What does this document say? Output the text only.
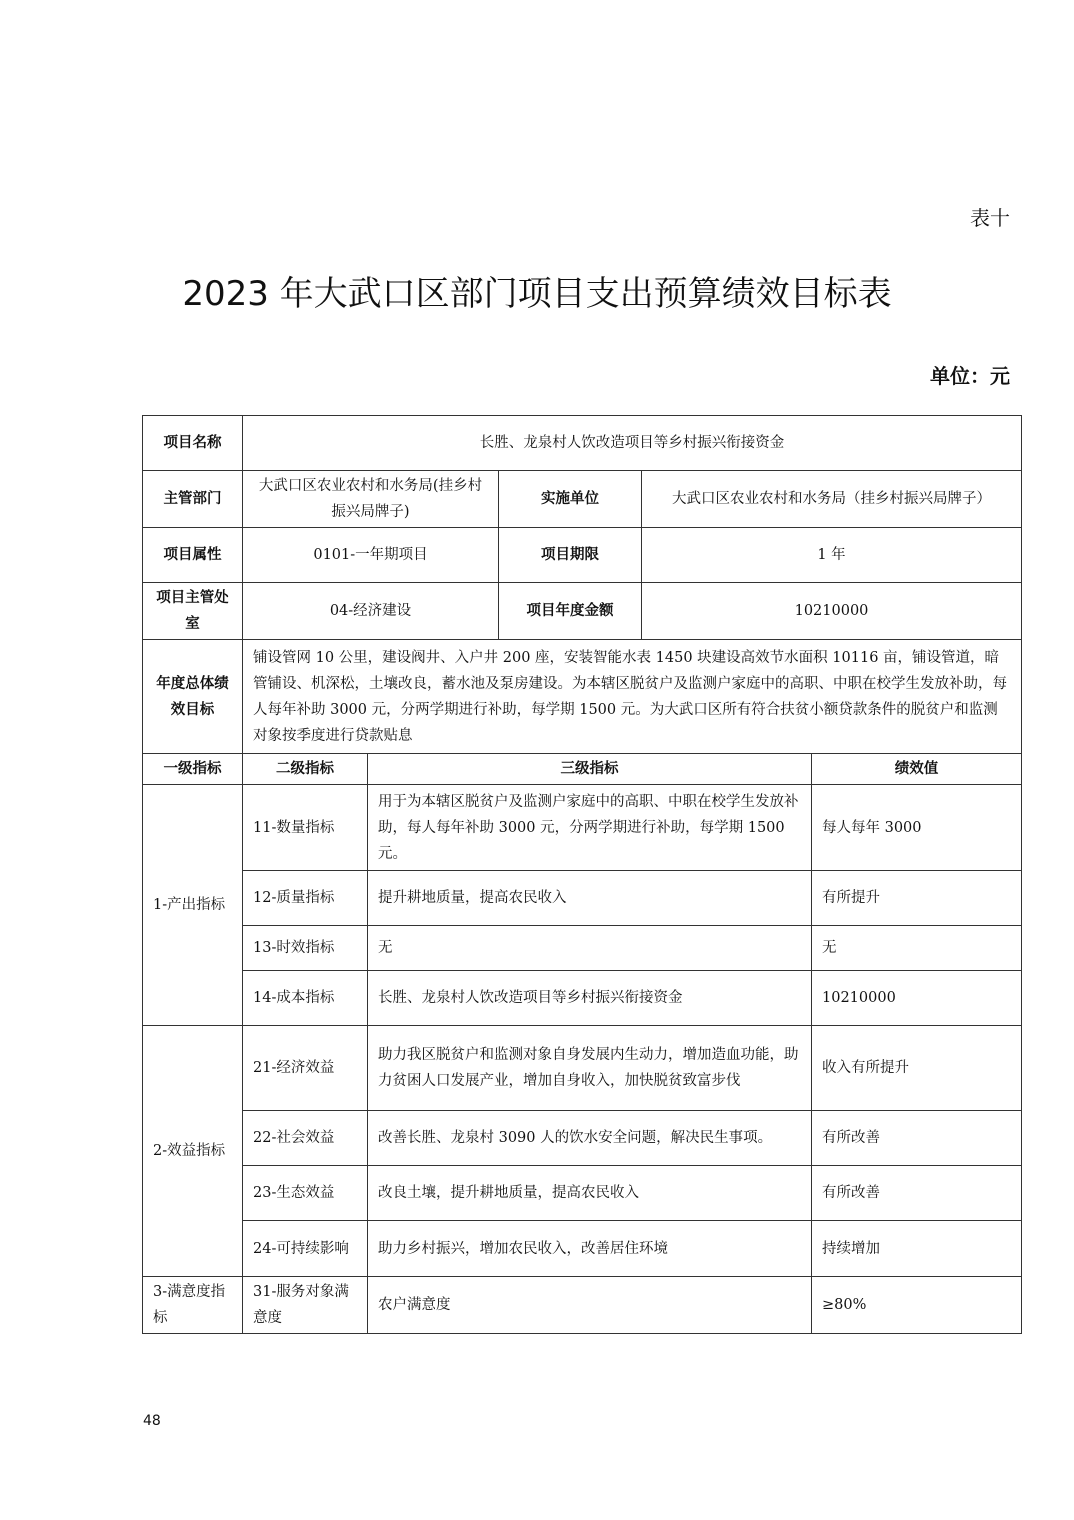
表十
2023 年大武口区部门项目支出预算绩效目标表
单位：元
项目名称	长胜、龙泉村人饮改造项目等乡村振兴衔接资金				
主管部门	大武口区农业农村和水务局(挂乡村振兴局牌子)		实施单位	大武口区农业农村和水务局（挂乡村振兴局牌子）	
项目属性	0101-一年期项目		项目期限	1 年	
项目主管处室	04-经济建设		项目年度金额	10210000	
年度总体绩效目标	铺设管网 10 公里，建设阀井、入户井 200 座，安装智能水表 1450 块建设高效节水面积 10116 亩，铺设管道，暗管铺设、机深松，土壤改良，蓄水池及泵房建设。为本辖区脱贫户及监测户家庭中的高职、中职在校学生发放补助，每人每年补助 3000 元，分两学期进行补助，每学期 1500 元。为大武口区所有符合扶贫小额贷款条件的脱贫户和监测对象按季度进行贷款贴息				
一级指标	二级指标	三级指标			绩效值
1-产出指标	11-数量指标	用于为本辖区脱贫户及监测户家庭中的高职、中职在校学生发放补助，每人每年补助 3000 元，分两学期进行补助，每学期 1500 元。			每人每年 3000
	12-质量指标	提升耕地质量，提高农民收入			有所提升
	13-时效指标	无			无
	14-成本指标	长胜、龙泉村人饮改造项目等乡村振兴衔接资金			10210000
2-效益指标	21-经济效益	助力我区脱贫户和监测对象自身发展内生动力，增加造血功能，助力贫困人口发展产业，增加自身收入，加快脱贫致富步伐			收入有所提升
	22-社会效益	改善长胜、龙泉村 3090 人的饮水安全问题，解决民生事项。			有所改善
	23-生态效益	改良土壤，提升耕地质量，提高农民收入			有所改善
	24-可持续影响	助力乡村振兴，增加农民收入，改善居住环境			持续增加
3-满意度指标	31-服务对象满意度	农户满意度			≥80%
48
